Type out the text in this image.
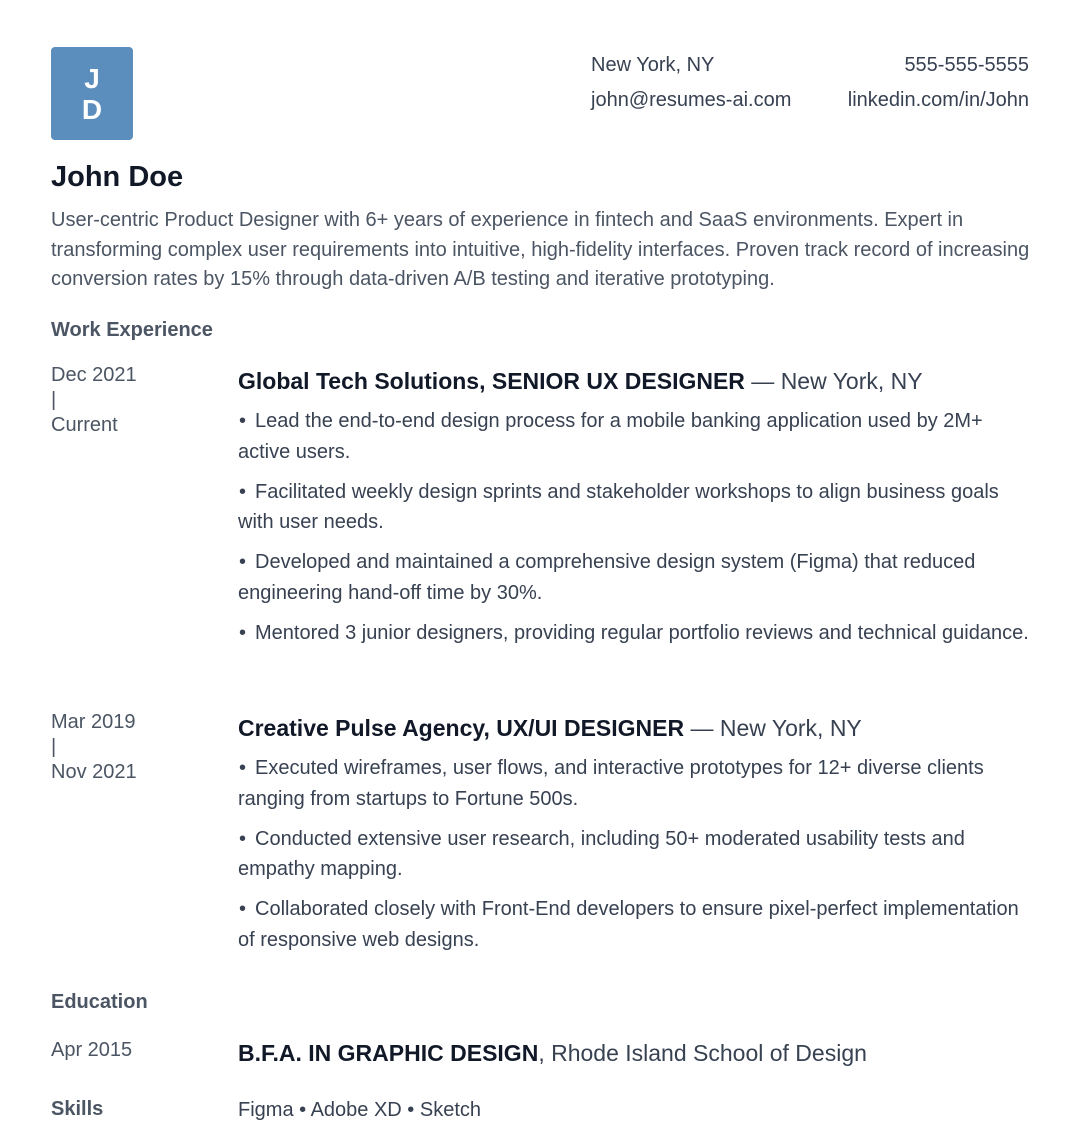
J
D
New York, NY
john@resumes-ai.com
555-555-5555
linkedin.com/in/John
John Doe

User-centric Product Designer with 6+ years of experience in fintech and SaaS environments. Expert in transforming complex user requirements into intuitive, high-fidelity interfaces. Proven track record of increasing conversion rates by 15% through data-driven A/B testing and iterative prototyping.

Work Experience
Dec 2021
|
Current
Global Tech Solutions, SENIOR UX DESIGNER — New York, NY
• Lead the end-to-end design process for a mobile banking application used by 2M+ active users.
• Facilitated weekly design sprints and stakeholder workshops to align business goals with user needs.
• Developed and maintained a comprehensive design system (Figma) that reduced engineering hand-off time by 30%.
• Mentored 3 junior designers, providing regular portfolio reviews and technical guidance.
Mar 2019
|
Nov 2021
Creative Pulse Agency, UX/UI DESIGNER — New York, NY
• Executed wireframes, user flows, and interactive prototypes for 12+ diverse clients ranging from startups to Fortune 500s.
• Conducted extensive user research, including 50+ moderated usability tests and empathy mapping.
• Collaborated closely with Front-End developers to ensure pixel-perfect implementation of responsive web designs.
Education
Apr 2015	B.F.A. IN GRAPHIC DESIGN, Rhode Island School of Design
Skills	Figma • Adobe XD • Sketch
